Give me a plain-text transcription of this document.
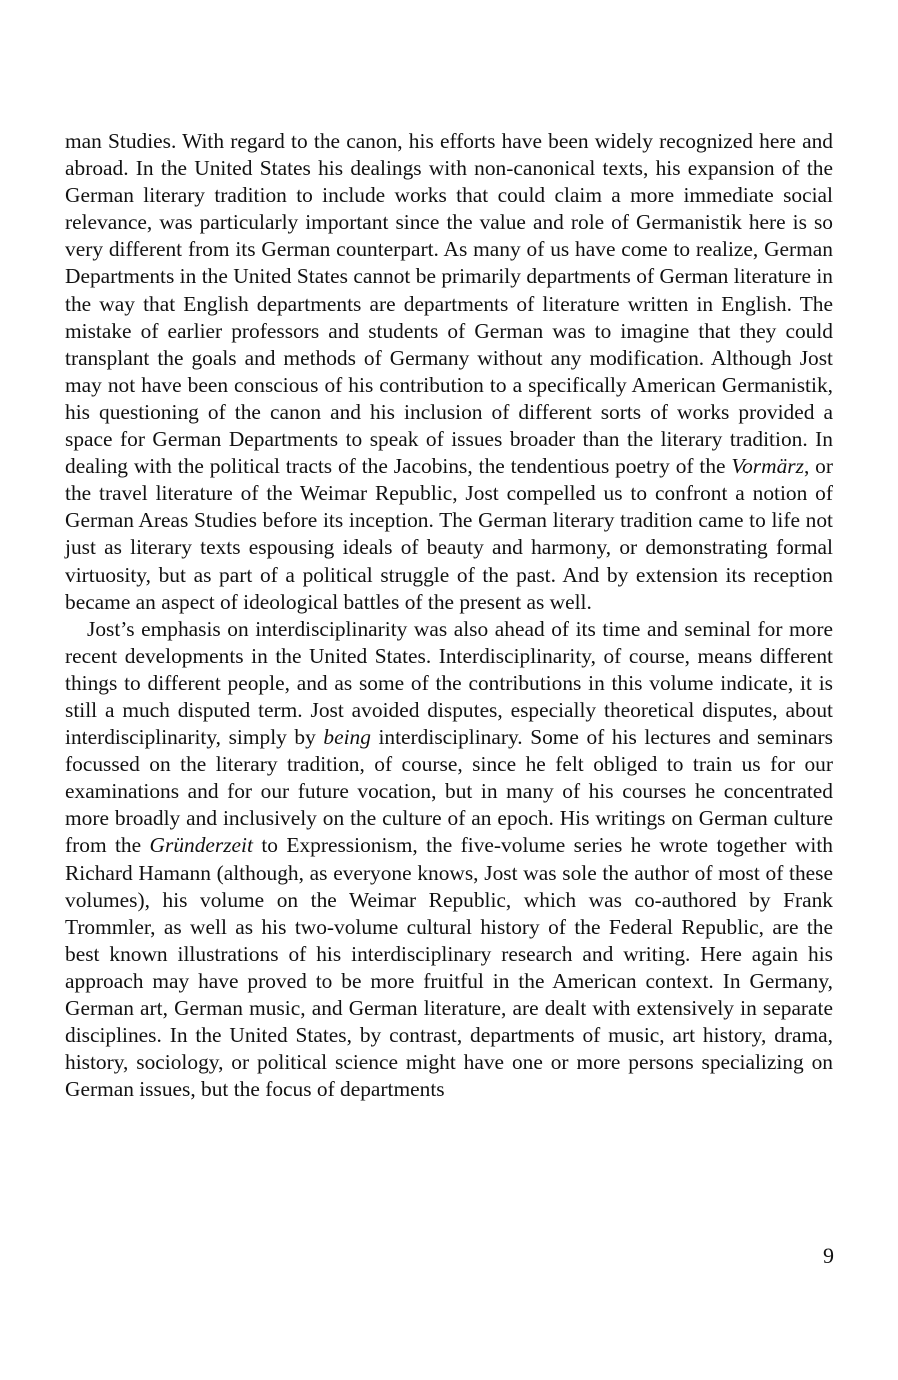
man Studies. With regard to the canon, his efforts have been widely recognized here and abroad. In the United States his dealings with non-canonical texts, his expansion of the German literary tradition to include works that could claim a more immediate social relevance, was particularly important since the value and role of Germanistik here is so very different from its German counterpart. As many of us have come to realize, German Departments in the United States cannot be primarily departments of German literature in the way that English departments are departments of literature written in English. The mistake of earlier professors and students of German was to imagine that they could transplant the goals and methods of Germany without any modification. Although Jost may not have been conscious of his contribution to a specifically American Germanistik, his questioning of the canon and his inclusion of different sorts of works provided a space for German Departments to speak of issues broader than the literary tradition. In dealing with the political tracts of the Jacobins, the tendentious poetry of the Vormärz, or the travel literature of the Weimar Republic, Jost compelled us to confront a notion of German Areas Studies before its inception. The German literary tradition came to life not just as literary texts espousing ideals of beauty and harmony, or demonstrating formal virtuosity, but as part of a political struggle of the past. And by extension its reception became an aspect of ideological battles of the present as well.

Jost’s emphasis on interdisciplinarity was also ahead of its time and seminal for more recent developments in the United States. Interdisciplinarity, of course, means different things to different people, and as some of the contributions in this volume indicate, it is still a much disputed term. Jost avoided disputes, especially theoretical disputes, about interdisciplinarity, simply by being interdisciplinary. Some of his lectures and seminars focussed on the literary tradition, of course, since he felt obliged to train us for our examinations and for our future vocation, but in many of his courses he concentrated more broadly and inclusively on the culture of an epoch. His writings on German culture from the Gründerzeit to Expressionism, the five-volume series he wrote together with Richard Hamann (although, as everyone knows, Jost was sole the author of most of these volumes), his volume on the Weimar Republic, which was co-authored by Frank Trommler, as well as his two-volume cultural history of the Federal Republic, are the best known illustrations of his interdisciplinary research and writing. Here again his approach may have proved to be more fruitful in the American context. In Germany, German art, German music, and German literature, are dealt with extensively in separate disciplines. In the United States, by contrast, departments of music, art history, drama, history, sociology, or political science might have one or more persons specializing on German issues, but the focus of departments

9
